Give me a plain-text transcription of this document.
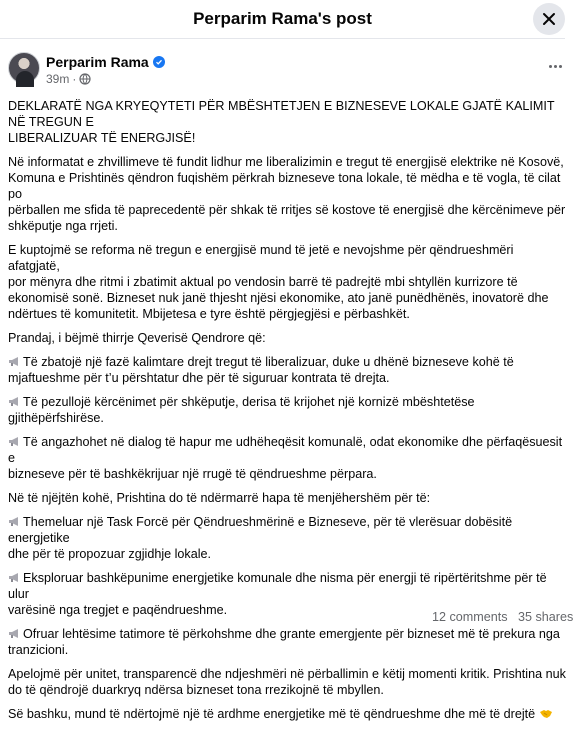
Perparim Rama's post
Perparim Rama
39m ·

DEKLARATË NGA KRYEQYTETI PËR MBËSHTETJEN E BIZNESEVE LOKALE GJATË KALIMIT NË TREGUN E
LIBERALIZUAR TË ENERGJISË!

Në informatat e zhvillimeve të fundit lidhur me liberalizimin e tregut të energjisë elektrike në Kosovë,
Komuna e Prishtinës qëndron fuqishëm përkrah bizneseve tona lokale, të mëdha e të vogla, të cilat po
përballen me sfida të paprecedentë për shkak të rritjes së kostove të energjisë dhe kërcënimeve për
shkëputje nga rrjeti.

E kuptojmë se reforma në tregun e energjisë mund të jetë e nevojshme për qëndrueshmëri afatgjatë,
por mënyra dhe ritmi i zbatimit aktual po vendosin barrë të padrejtë mbi shtyllën kurrizore të
ekonomisë sonë. Bizneset nuk janë thjesht njësi ekonomike, ato janë punëdhënës, inovatorë dhe
ndërtues të komunitetit. Mbijetesa e tyre është përgjegjësi e përbashkët.

Prandaj, i bëjmë thirrje Qeverisë Qendrore që:

Të zbatojë një fazë kalimtare drejt tregut të liberalizuar, duke u dhënë bizneseve kohë të
mjaftueshme për t’u përshtatur dhe për të siguruar kontrata të drejta.

Të pezullojë kërcënimet për shkëputje, derisa të krijohet një kornizë mbështetëse gjithëpërfshirëse.

Të angazhohet në dialog të hapur me udhëheqësit komunalë, odat ekonomike dhe përfaqësuesit e
bizneseve për të bashkëkrijuar një rrugë të qëndrueshme përpara.

Në të njëjtën kohë, Prishtina do të ndërmarrë hapa të menjëhershëm për të:

Themeluar një Task Forcë për Qëndrueshmërinë e Bizneseve, për të vlerësuar dobësitë energjetike
dhe për të propozuar zgjidhje lokale.

Eksploruar bashkëpunime energjetike komunale dhe nisma për energji të ripërtëritshme për të ulur
varësinë nga tregjet e paqëndrueshme.

Ofruar lehtësime tatimore të përkohshme dhe grante emergjente për bizneset më të prekura nga
tranzicioni.

Apelojmë për unitet, transparencë dhe ndjeshmëri në përballimin e këtij momenti kritik. Prishtina nuk
do të qëndrojë duarkryq ndërsa bizneset tona rrezikojnë të mbyllen.

Së bashku, mund të ndërtojmë një të ardhme energjetike më të qëndrueshme dhe më të drejtë

12 comments 35 shares
